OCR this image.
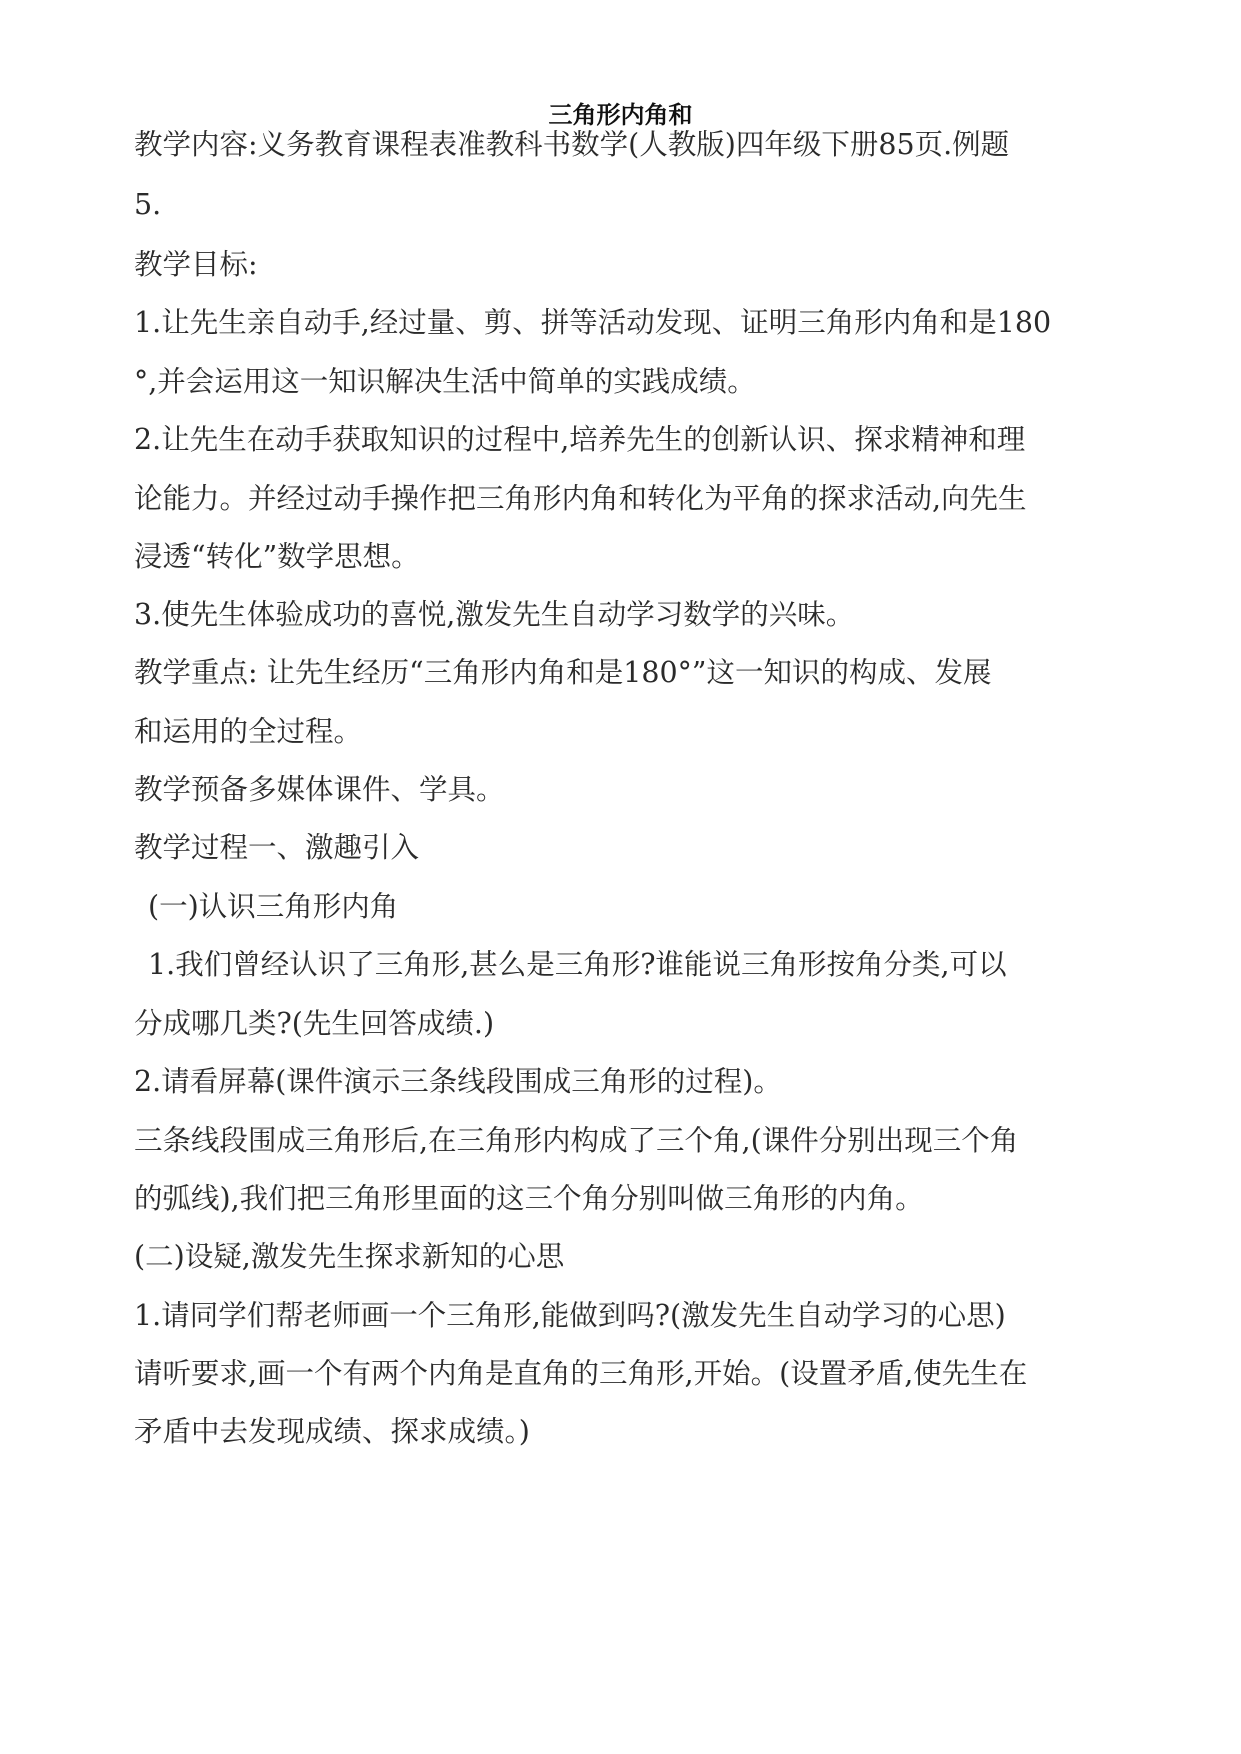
三角形内角和
教学内容:义务教育课程表准教科书数学(人教版)四年级下册85页.例题
5.
教学目标:
1.让先生亲自动手,经过量、剪、拼等活动发现、证明三角形内角和是180
°,并会运用这一知识解决生活中简单的实践成绩。
2.让先生在动手获取知识的过程中,培养先生的创新认识、探求精神和理
论能力。并经过动手操作把三角形内角和转化为平角的探求活动,向先生
浸透“转化”数学思想。
3.使先生体验成功的喜悦,激发先生自动学习数学的兴味。
教学重点: 让先生经历“三角形内角和是180°”这一知识的构成、发展
和运用的全过程。
教学预备多媒体课件、学具。
教学过程一、激趣引入
(一)认识三角形内角
1.我们曾经认识了三角形,甚么是三角形?谁能说三角形按角分类,可以
分成哪几类?(先生回答成绩.)
2.请看屏幕(课件演示三条线段围成三角形的过程)。
三条线段围成三角形后,在三角形内构成了三个角,(课件分别出现三个角
的弧线),我们把三角形里面的这三个角分别叫做三角形的内角。
(二)设疑,激发先生探求新知的心思
1.请同学们帮老师画一个三角形,能做到吗?(激发先生自动学习的心思)
请听要求,画一个有两个内角是直角的三角形,开始。(设置矛盾,使先生在
矛盾中去发现成绩、探求成绩。)
